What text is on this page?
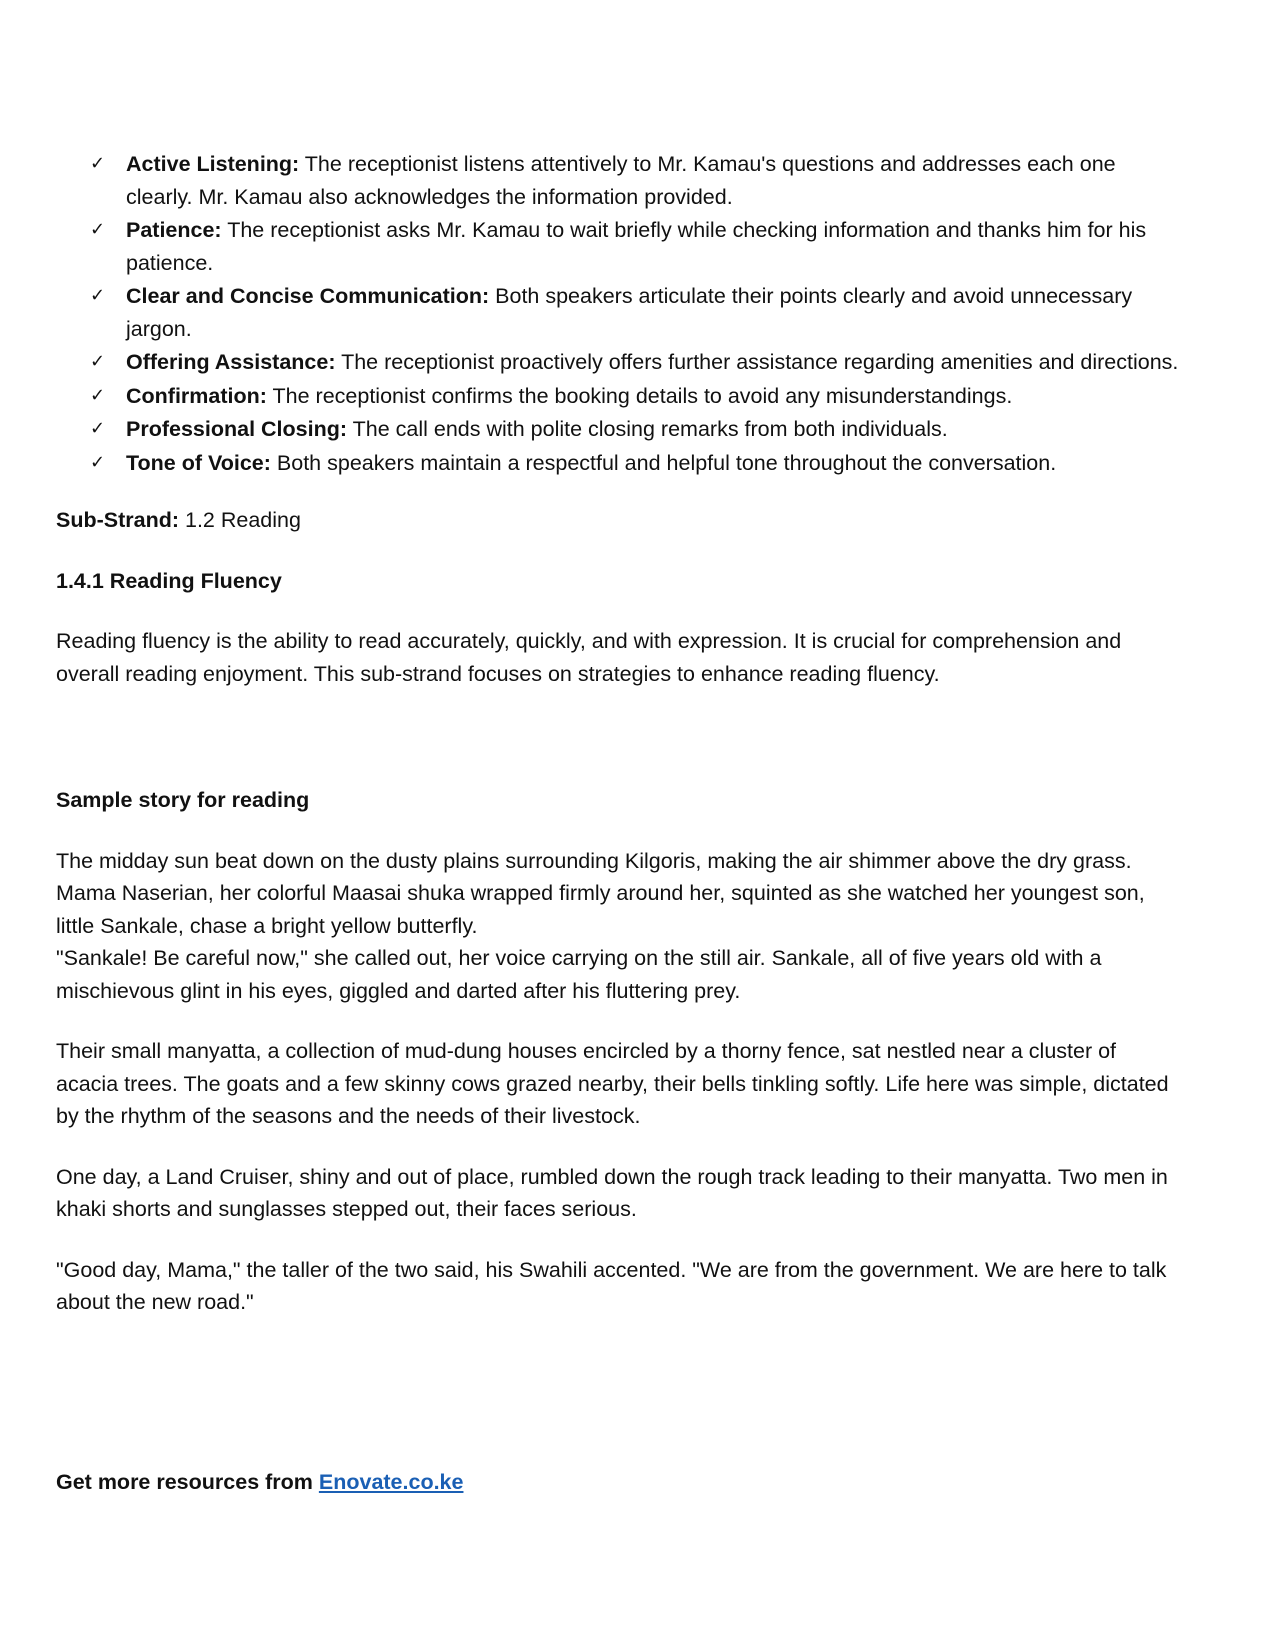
✓ Active Listening: The receptionist listens attentively to Mr. Kamau's questions and addresses each one clearly. Mr. Kamau also acknowledges the information provided.
✓ Patience: The receptionist asks Mr. Kamau to wait briefly while checking information and thanks him for his patience.
✓ Clear and Concise Communication: Both speakers articulate their points clearly and avoid unnecessary jargon.
✓ Offering Assistance: The receptionist proactively offers further assistance regarding amenities and directions.
✓ Confirmation: The receptionist confirms the booking details to avoid any misunderstandings.
✓ Professional Closing: The call ends with polite closing remarks from both individuals.
✓ Tone of Voice: Both speakers maintain a respectful and helpful tone throughout the conversation.

Sub-Strand: 1.2 Reading

1.4.1 Reading Fluency

Reading fluency is the ability to read accurately, quickly, and with expression. It is crucial for comprehension and overall reading enjoyment. This sub-strand focuses on strategies to enhance reading fluency.

Sample story for reading

The midday sun beat down on the dusty plains surrounding Kilgoris, making the air shimmer above the dry grass. Mama Naserian, her colorful Maasai shuka wrapped firmly around her, squinted as she watched her youngest son, little Sankale, chase a bright yellow butterfly.

"Sankale! Be careful now," she called out, her voice carrying on the still air. Sankale, all of five years old with a mischievous glint in his eyes, giggled and darted after his fluttering prey.

Their small manyatta, a collection of mud-dung houses encircled by a thorny fence, sat nestled near a cluster of acacia trees. The goats and a few skinny cows grazed nearby, their bells tinkling softly. Life here was simple, dictated by the rhythm of the seasons and the needs of their livestock.

One day, a Land Cruiser, shiny and out of place, rumbled down the rough track leading to their manyatta. Two men in khaki shorts and sunglasses stepped out, their faces serious.

"Good day, Mama," the taller of the two said, his Swahili accented. "We are from the government. We are here to talk about the new road."

Get more resources from Enovate.co.ke
